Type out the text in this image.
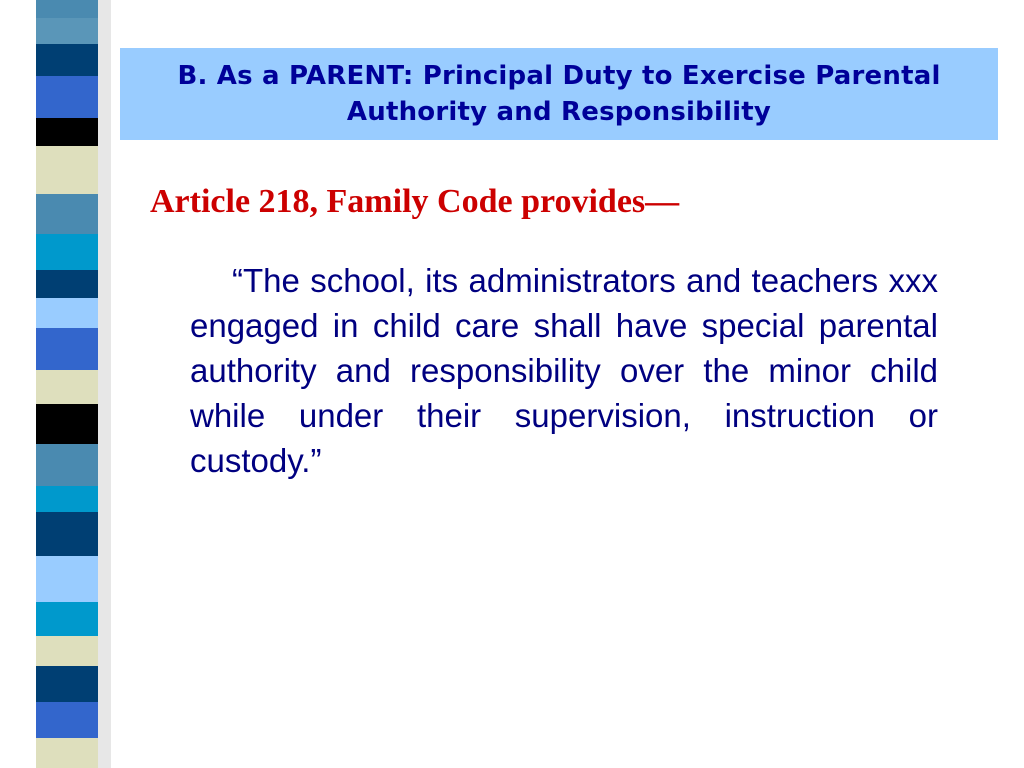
B. As a PARENT: Principal Duty to Exercise Parental Authority and Responsibility
Article 218, Family Code provides—

“The school, its administrators and teachers xxx engaged in child care shall have special parental authority and responsibility over the minor child while under their supervision, instruction or custody.”
